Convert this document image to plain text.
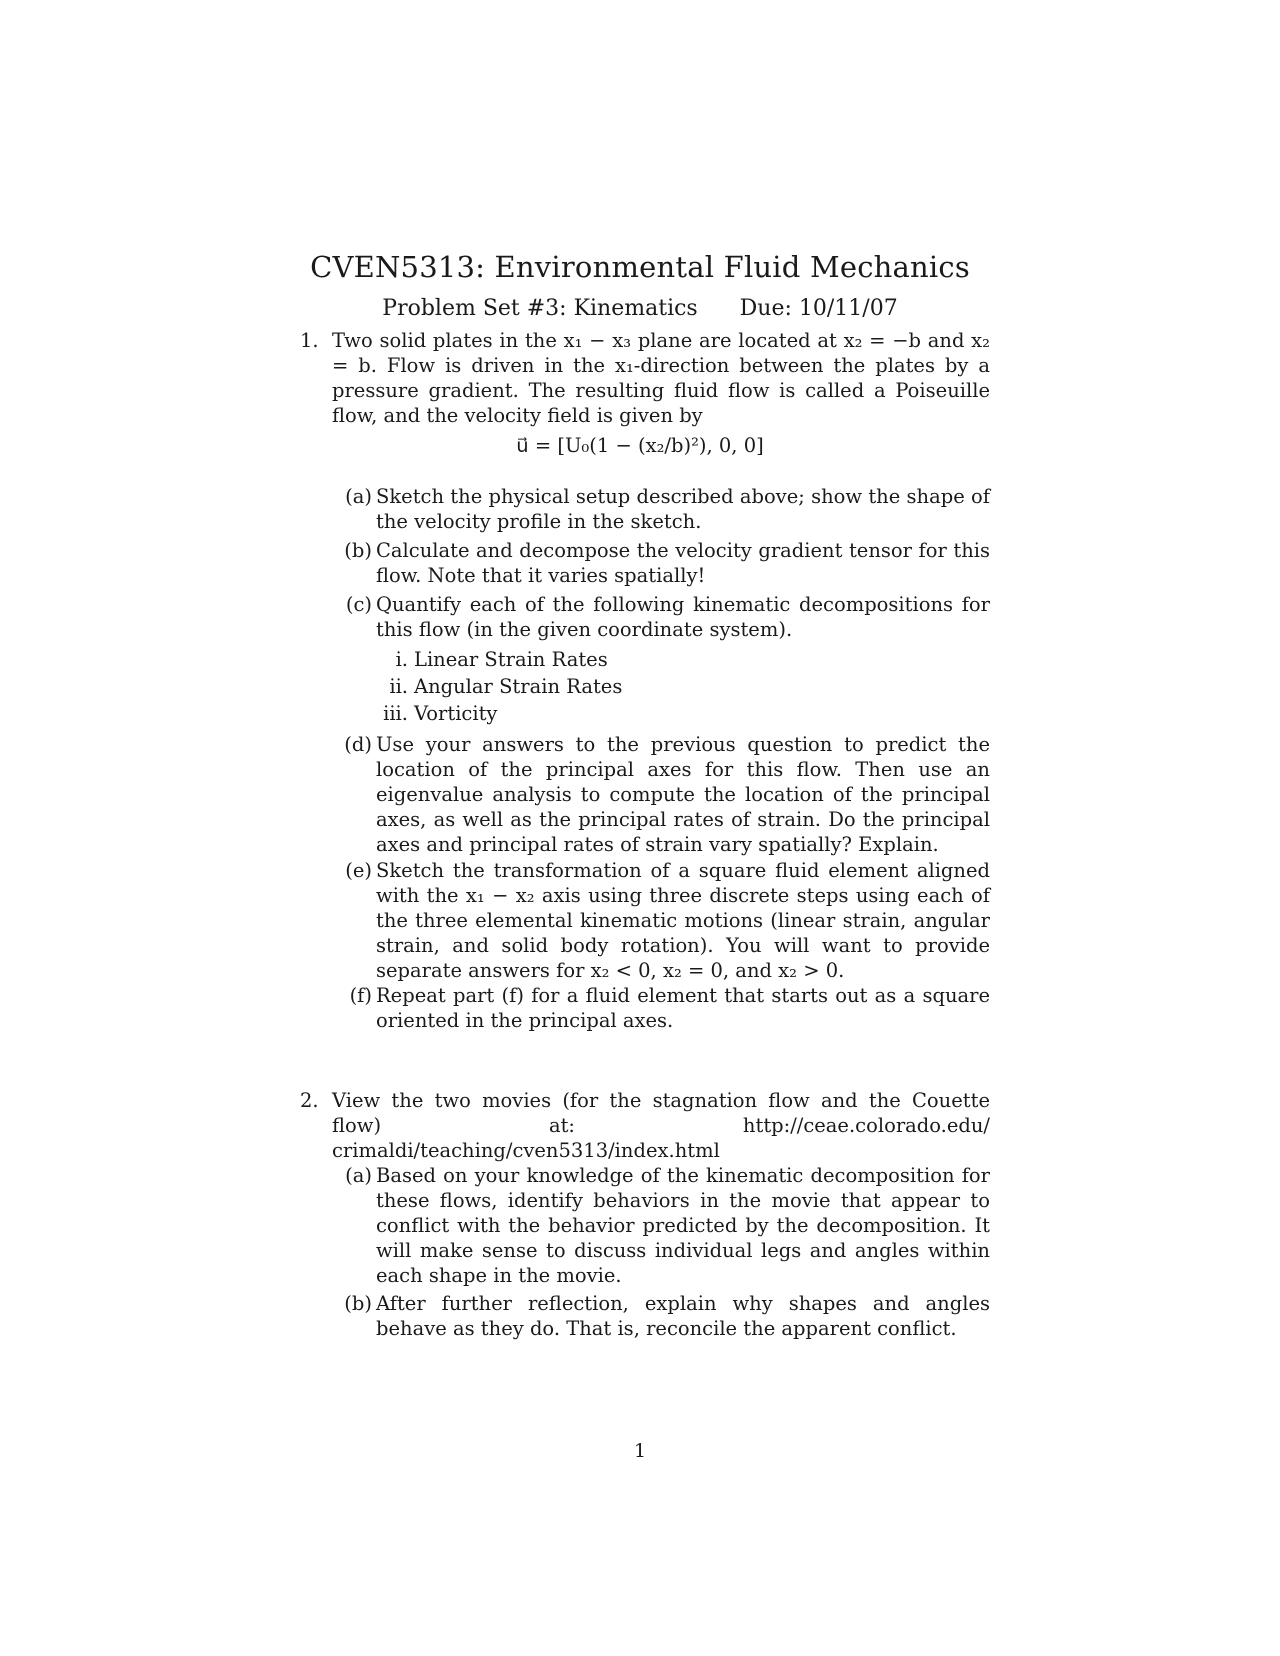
CVEN5313: Environmental Fluid Mechanics
Problem Set #3: Kinematics      Due: 10/11/07
1. Two solid plates in the x₁ − x₃ plane are located at x₂ = −b and x₂ = b. Flow is driven in the x₁-direction between the plates by a pressure gradient. The resulting fluid flow is called a Poiseuille flow, and the velocity field is given by
u⃗ = [U₀(1 − (x₂/b)²), 0, 0]
(a) Sketch the physical setup described above; show the shape of the velocity profile in the sketch.
(b) Calculate and decompose the velocity gradient tensor for this flow. Note that it varies spatially!
(c) Quantify each of the following kinematic decompositions for this flow (in the given coordinate system).
i. Linear Strain Rates
ii. Angular Strain Rates
iii. Vorticity
(d) Use your answers to the previous question to predict the location of the principal axes for this flow. Then use an eigenvalue analysis to compute the location of the principal axes, as well as the principal rates of strain. Do the principal axes and principal rates of strain vary spatially? Explain.
(e) Sketch the transformation of a square fluid element aligned with the x₁ − x₂ axis using three discrete steps using each of the three elemental kinematic motions (linear strain, angular strain, and solid body rotation). You will want to provide separate answers for x₂ < 0, x₂ = 0, and x₂ > 0.
(f) Repeat part (f) for a fluid element that starts out as a square oriented in the principal axes.
2. View the two movies (for the stagnation flow and the Couette flow) at: http://ceae.colorado.edu/ crimaldi/teaching/cven5313/index.html
(a) Based on your knowledge of the kinematic decomposition for these flows, identify behaviors in the movie that appear to conflict with the behavior predicted by the decomposition. It will make sense to discuss individual legs and angles within each shape in the movie.
(b) After further reflection, explain why shapes and angles behave as they do. That is, reconcile the apparent conflict.
1
